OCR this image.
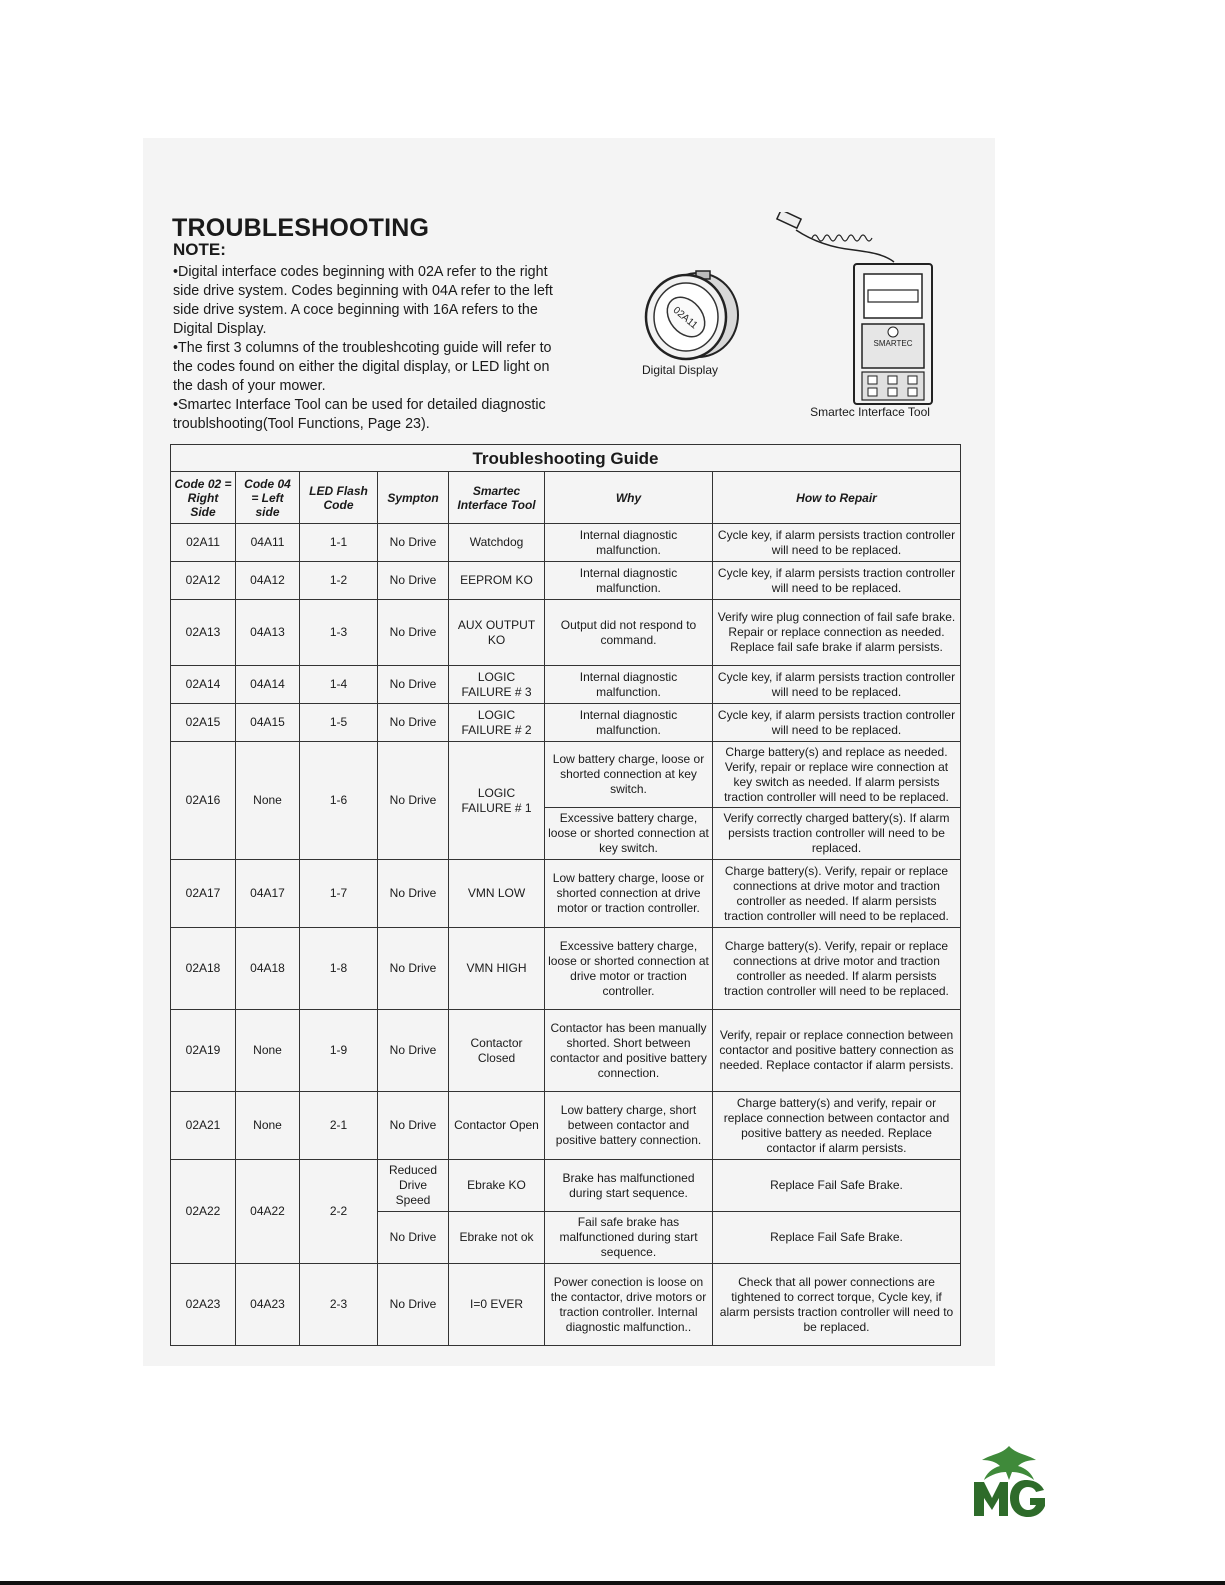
TROUBLESHOOTING
NOTE:

•Digital interface codes beginning with 02A refer to the right side drive system. Codes beginning with 04A refer to the left side drive system. A coce beginning with 16A refers to the Digital Display.

•The first 3 columns of the troubleshcoting guide will refer to the codes found on either the digital display, or LED light on the dash of your mower.

•Smartec Interface Tool can be used for detailed diagnostic troublshooting(Tool Functions, Page 23).

02A11
Digital Display
SMARTEC
Smartec Interface Tool
Troubleshooting Guide						
Code 02 = Right Side	Code 04 = Left side	LED Flash Code	Sympton	Smartec Interface Tool	Why	How to Repair
02A11	04A11	1-1	No Drive	Watchdog	Internal diagnostic malfunction.	Cycle key, if alarm persists traction controller will need to be replaced.
02A12	04A12	1-2	No Drive	EEPROM KO	Internal diagnostic malfunction.	Cycle key, if alarm persists traction controller will need to be replaced.
02A13	04A13	1-3	No Drive	AUX OUTPUT KO	Output did not respond to command.	Verify wire plug connection of fail safe brake. Repair or replace connection as needed. Replace fail safe brake if alarm persists.
02A14	04A14	1-4	No Drive	LOGIC FAILURE # 3	Internal diagnostic malfunction.	Cycle key, if alarm persists traction controller will need to be replaced.
02A15	04A15	1-5	No Drive	LOGIC FAILURE # 2	Internal diagnostic malfunction.	Cycle key, if alarm persists traction controller will need to be replaced.
02A16	None	1-6	No Drive	LOGIC FAILURE # 1	Low battery charge, loose or shorted connection at key switch.	Charge battery(s) and replace as needed. Verify, repair or replace wire connection at key switch as needed. If alarm persists traction controller will need to be replaced.
					Excessive battery charge, loose or shorted connection at key switch.	Verify correctly charged battery(s). If alarm persists traction controller will need to be replaced.
02A17	04A17	1-7	No Drive	VMN LOW	Low battery charge, loose or shorted connection at drive motor or traction controller.	Charge battery(s). Verify, repair or replace connections at drive motor and traction controller as needed. If alarm persists traction controller will need to be replaced.
02A18	04A18	1-8	No Drive	VMN HIGH	Excessive battery charge, loose or shorted connection at drive motor or traction controller.	Charge battery(s). Verify, repair or replace connections at drive motor and traction controller as needed. If alarm persists traction controller will need to be replaced.
02A19	None	1-9	No Drive	Contactor Closed	Contactor has been manually shorted. Short between contactor and positive battery connection.	Verify, repair or replace connection between contactor and positive battery connection as needed. Replace contactor if alarm persists.
02A21	None	2-1	No Drive	Contactor Open	Low battery charge, short between contactor and positive battery connection.	Charge battery(s) and verify, repair or replace connection between contactor and positive battery as needed. Replace contactor if alarm persists.
02A22	04A22	2-2	Reduced Drive Speed	Ebrake KO	Brake has malfunctioned during start sequence.	Replace Fail Safe Brake.
			No Drive	Ebrake not ok	Fail safe brake has malfunctioned during start sequence.	Replace Fail Safe Brake.
02A23	04A23	2-3	No Drive	I=0 EVER	Power conection is loose on the contactor, drive motors or traction controller. Internal diagnostic malfunction..	Check that all power connections are tightened to correct torque, Cycle key, if alarm persists traction controller will need to be replaced.
